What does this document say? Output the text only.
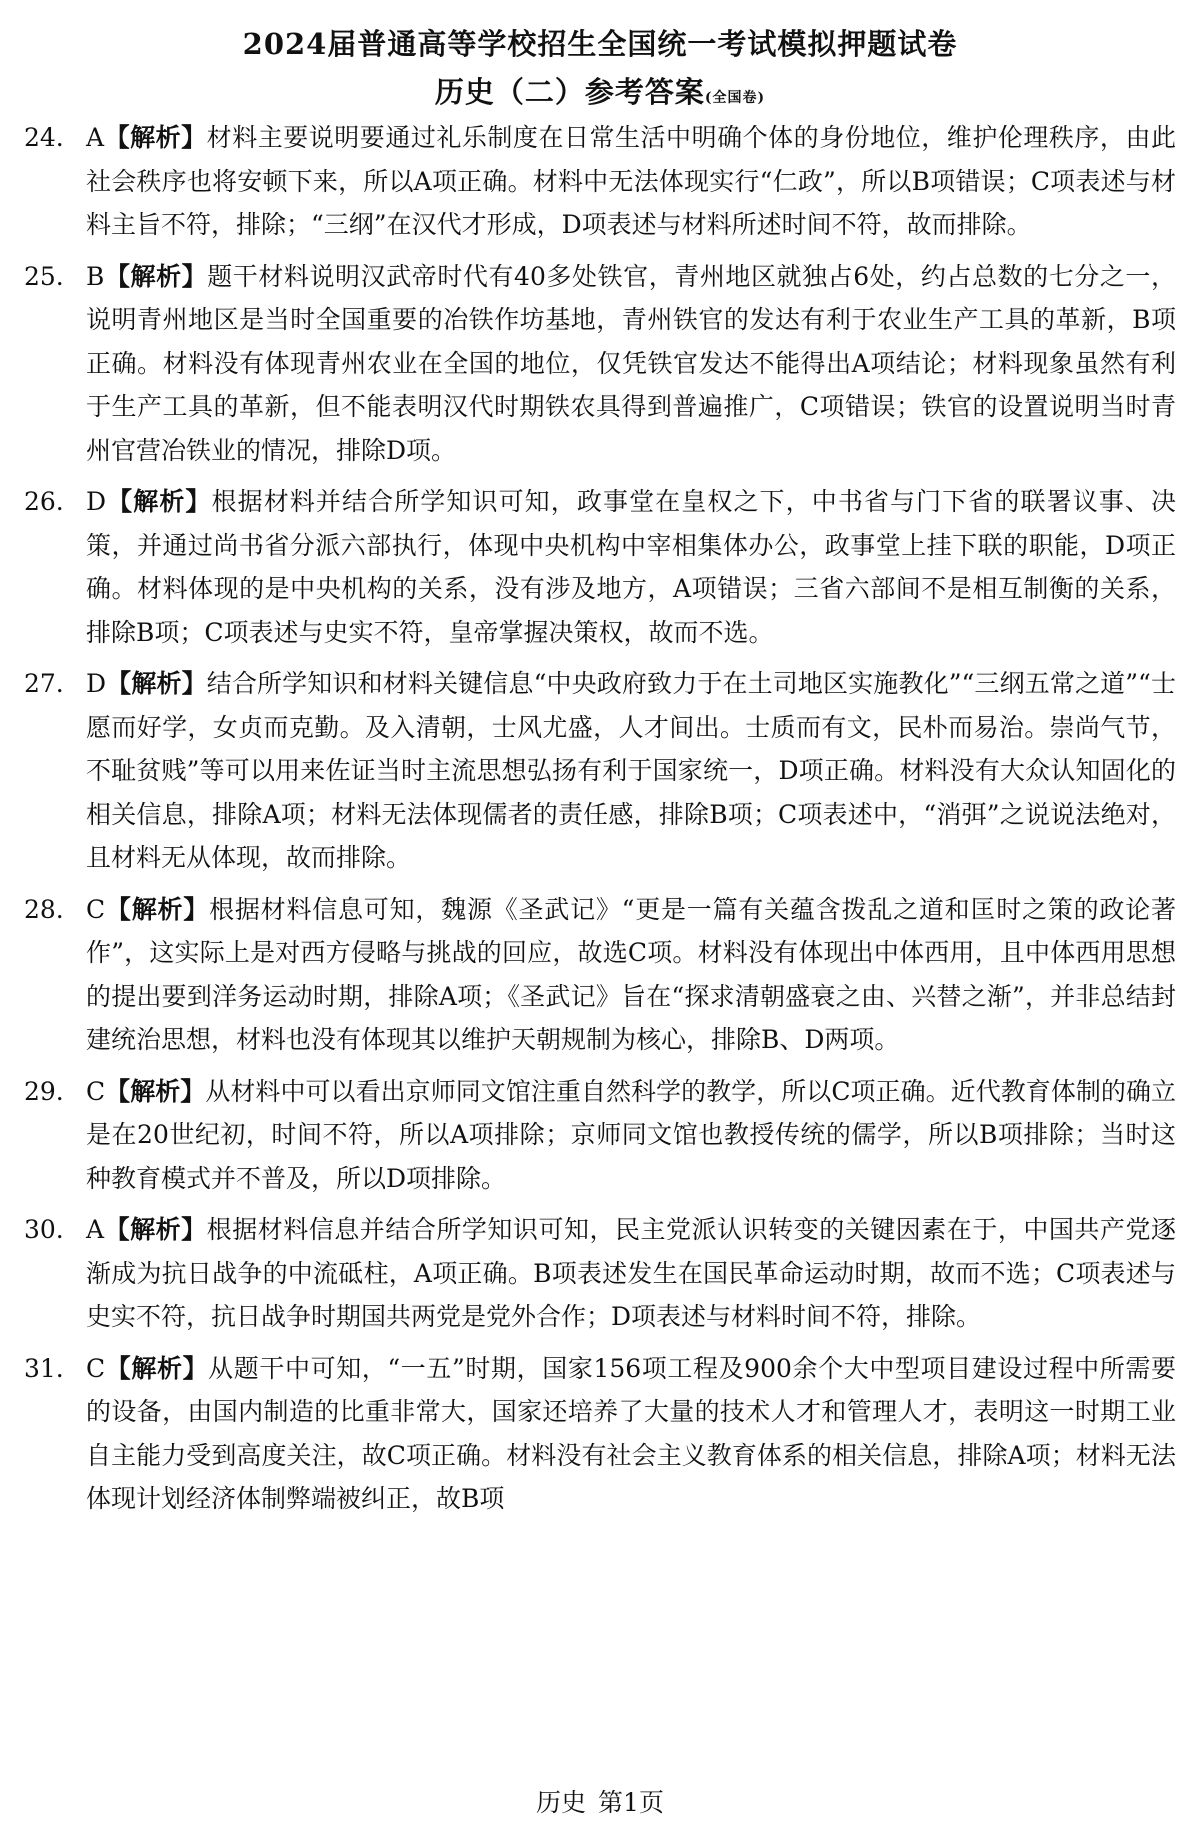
2024届普通高等学校招生全国统一考试模拟押题试卷
历史（二）参考答案(全国卷)
24. A【解析】材料主要说明要通过礼乐制度在日常生活中明确个体的身份地位，维护伦理秩序，由此社会秩序也将安顿下来，所以A项正确。材料中无法体现实行“仁政”，所以B项错误；C项表述与材料主旨不符，排除；“三纲”在汉代才形成，D项表述与材料所述时间不符，故而排除。
25. B【解析】题干材料说明汉武帝时代有40多处铁官，青州地区就独占6处，约占总数的七分之一，说明青州地区是当时全国重要的冶铁作坊基地，青州铁官的发达有利于农业生产工具的革新，B项正确。材料没有体现青州农业在全国的地位，仅凭铁官发达不能得出A项结论；材料现象虽然有利于生产工具的革新，但不能表明汉代时期铁农具得到普遍推广，C项错误；铁官的设置说明当时青州官营冶铁业的情况，排除D项。
26. D【解析】根据材料并结合所学知识可知，政事堂在皇权之下，中书省与门下省的联署议事、决策，并通过尚书省分派六部执行，体现中央机构中宰相集体办公，政事堂上挂下联的职能，D项正确。材料体现的是中央机构的关系，没有涉及地方，A项错误；三省六部间不是相互制衡的关系，排除B项；C项表述与史实不符，皇帝掌握决策权，故而不选。
27. D【解析】结合所学知识和材料关键信息“中央政府致力于在土司地区实施教化”“三纲五常之道”“士愿而好学，女贞而克勤。及入清朝，士风尤盛，人才间出。士质而有文，民朴而易治。崇尚气节，不耻贫贱”等可以用来佐证当时主流思想弘扬有利于国家统一，D项正确。材料没有大众认知固化的相关信息，排除A项；材料无法体现儒者的责任感，排除B项；C项表述中，“消弭”之说说法绝对，且材料无从体现，故而排除。
28. C【解析】根据材料信息可知，魏源《圣武记》“更是一篇有关蕴含拨乱之道和匡时之策的政论著作”，这实际上是对西方侵略与挑战的回应，故选C项。材料没有体现出中体西用，且中体西用思想的提出要到洋务运动时期，排除A项；《圣武记》旨在“探求清朝盛衰之由、兴替之渐”，并非总结封建统治思想，材料也没有体现其以维护天朝规制为核心，排除B、D两项。
29. C【解析】从材料中可以看出京师同文馆注重自然科学的教学，所以C项正确。近代教育体制的确立是在20世纪初，时间不符，所以A项排除；京师同文馆也教授传统的儒学，所以B项排除；当时这种教育模式并不普及，所以D项排除。
30. A【解析】根据材料信息并结合所学知识可知，民主党派认识转变的关键因素在于，中国共产党逐渐成为抗日战争的中流砥柱，A项正确。B项表述发生在国民革命运动时期，故而不选；C项表述与史实不符，抗日战争时期国共两党是党外合作；D项表述与材料时间不符，排除。
31. C【解析】从题干中可知，“一五”时期，国家156项工程及900余个大中型项目建设过程中所需要的设备，由国内制造的比重非常大，国家还培养了大量的技术人才和管理人才，表明这一时期工业自主能力受到高度关注，故C项正确。材料没有社会主义教育体系的相关信息，排除A项；材料无法体现计划经济体制弊端被纠正，故B项
历史 第1页
